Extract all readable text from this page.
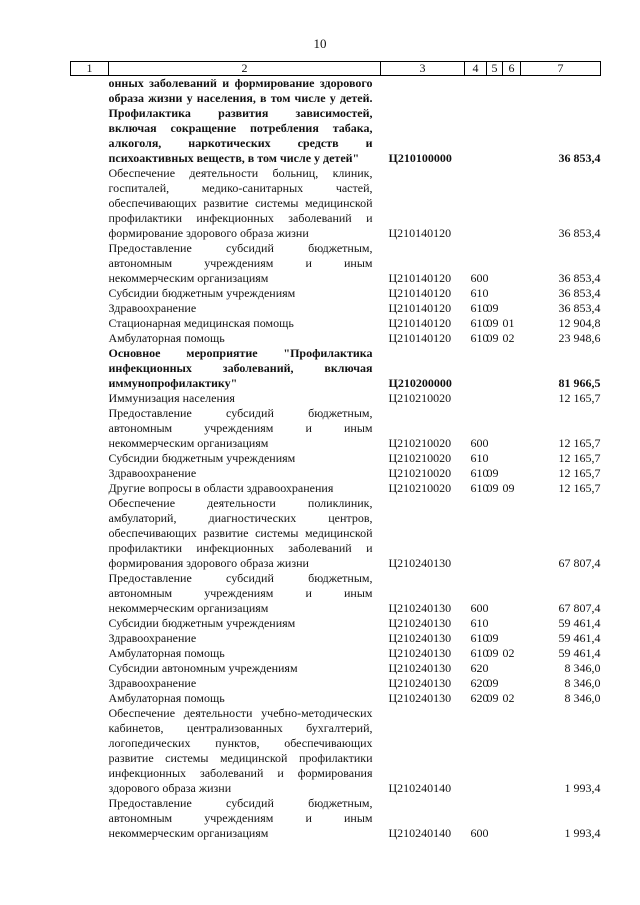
10
1	2	3	4	5	6	7
	онных заболеваний и формирование здорового образа жизни у населения, в том числе у детей. Профилактика развития зависимостей, включая сокращение потребления табака, алкоголя, наркотических средств и психоактивных веществ, в том числе у детей"	Ц210100000				36 853,4
	Обеспечение деятельности больниц, клиник, госпиталей, медико-санитарных частей, обеспечивающих развитие системы медицинской профилактики инфекционных заболеваний и формирование здорового образа жизни	Ц210140120				36 853,4
	Предоставление субсидий бюджетным, автономным учреждениям и иным некоммерческим организациям	Ц210140120	600			36 853,4
	Субсидии бюджетным учреждениям	Ц210140120	610			36 853,4
	Здравоохранение	Ц210140120	610	09		36 853,4
	Стационарная медицинская помощь	Ц210140120	610	09	01	12 904,8
	Амбулаторная помощь	Ц210140120	610	09	02	23 948,6
	Основное мероприятие "Профилактика инфекционных заболеваний, включая иммунопрофилактику"	Ц210200000				81 966,5
	Иммунизация населения	Ц210210020				12 165,7
	Предоставление субсидий бюджетным, автономным учреждениям и иным некоммерческим организациям	Ц210210020	600			12 165,7
	Субсидии бюджетным учреждениям	Ц210210020	610			12 165,7
	Здравоохранение	Ц210210020	610	09		12 165,7
	Другие вопросы в области здравоохранения	Ц210210020	610	09	09	12 165,7
	Обеспечение деятельности поликлиник, амбулаторий, диагностических центров, обеспечивающих развитие системы медицинской профилактики инфекционных заболеваний и формирования здорового образа жизни	Ц210240130				67 807,4
	Предоставление субсидий бюджетным, автономным учреждениям и иным некоммерческим организациям	Ц210240130	600			67 807,4
	Субсидии бюджетным учреждениям	Ц210240130	610			59 461,4
	Здравоохранение	Ц210240130	610	09		59 461,4
	Амбулаторная помощь	Ц210240130	610	09	02	59 461,4
	Субсидии автономным учреждениям	Ц210240130	620			8 346,0
	Здравоохранение	Ц210240130	620	09		8 346,0
	Амбулаторная помощь	Ц210240130	620	09	02	8 346,0
	Обеспечение деятельности учебно-методических кабинетов, централизованных бухгалтерий, логопедических пунктов, обеспечивающих развитие системы медицинской профилактики инфекционных заболеваний и формирования здорового образа жизни	Ц210240140				1 993,4
	Предоставление субсидий бюджетным, автономным учреждениям и иным некоммерческим организациям	Ц210240140	600			1 993,4
